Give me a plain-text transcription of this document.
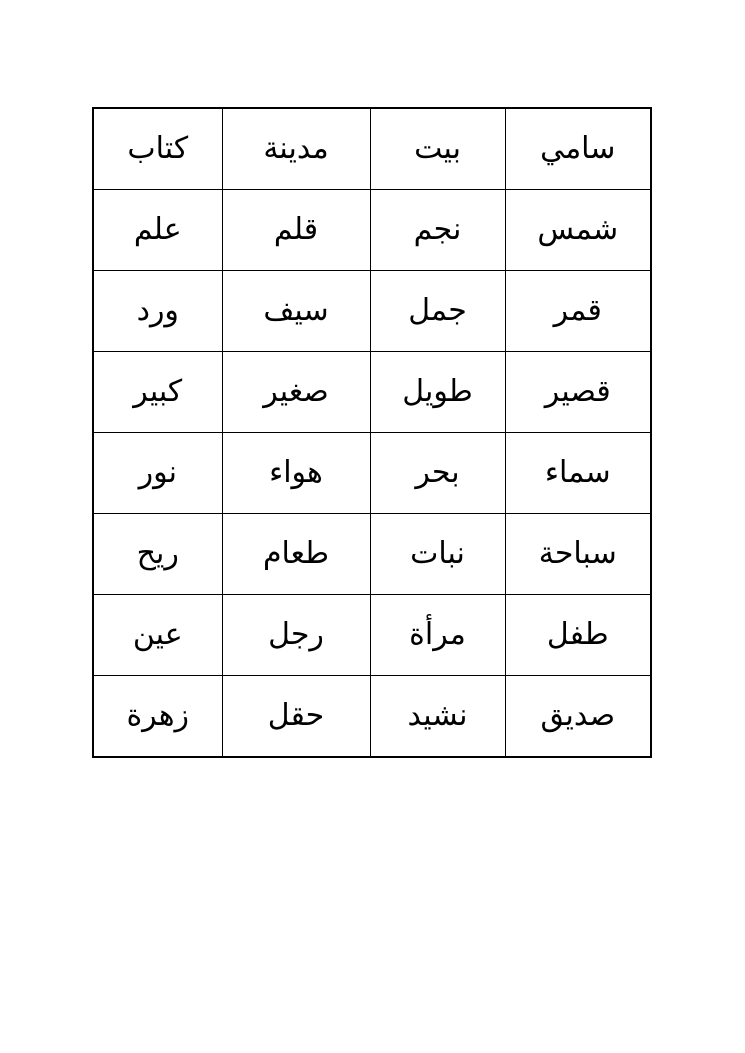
سامي	بيت	مدينة	كتاب
شمس	نجم	قلم	علم
قمر	جمل	سيف	ورد
قصير	طويل	صغير	كبير
سماء	بحر	هواء	نور
سباحة	نبات	طعام	ريح
طفل	مرأة	رجل	عين
صديق	نشيد	حقل	زهرة
